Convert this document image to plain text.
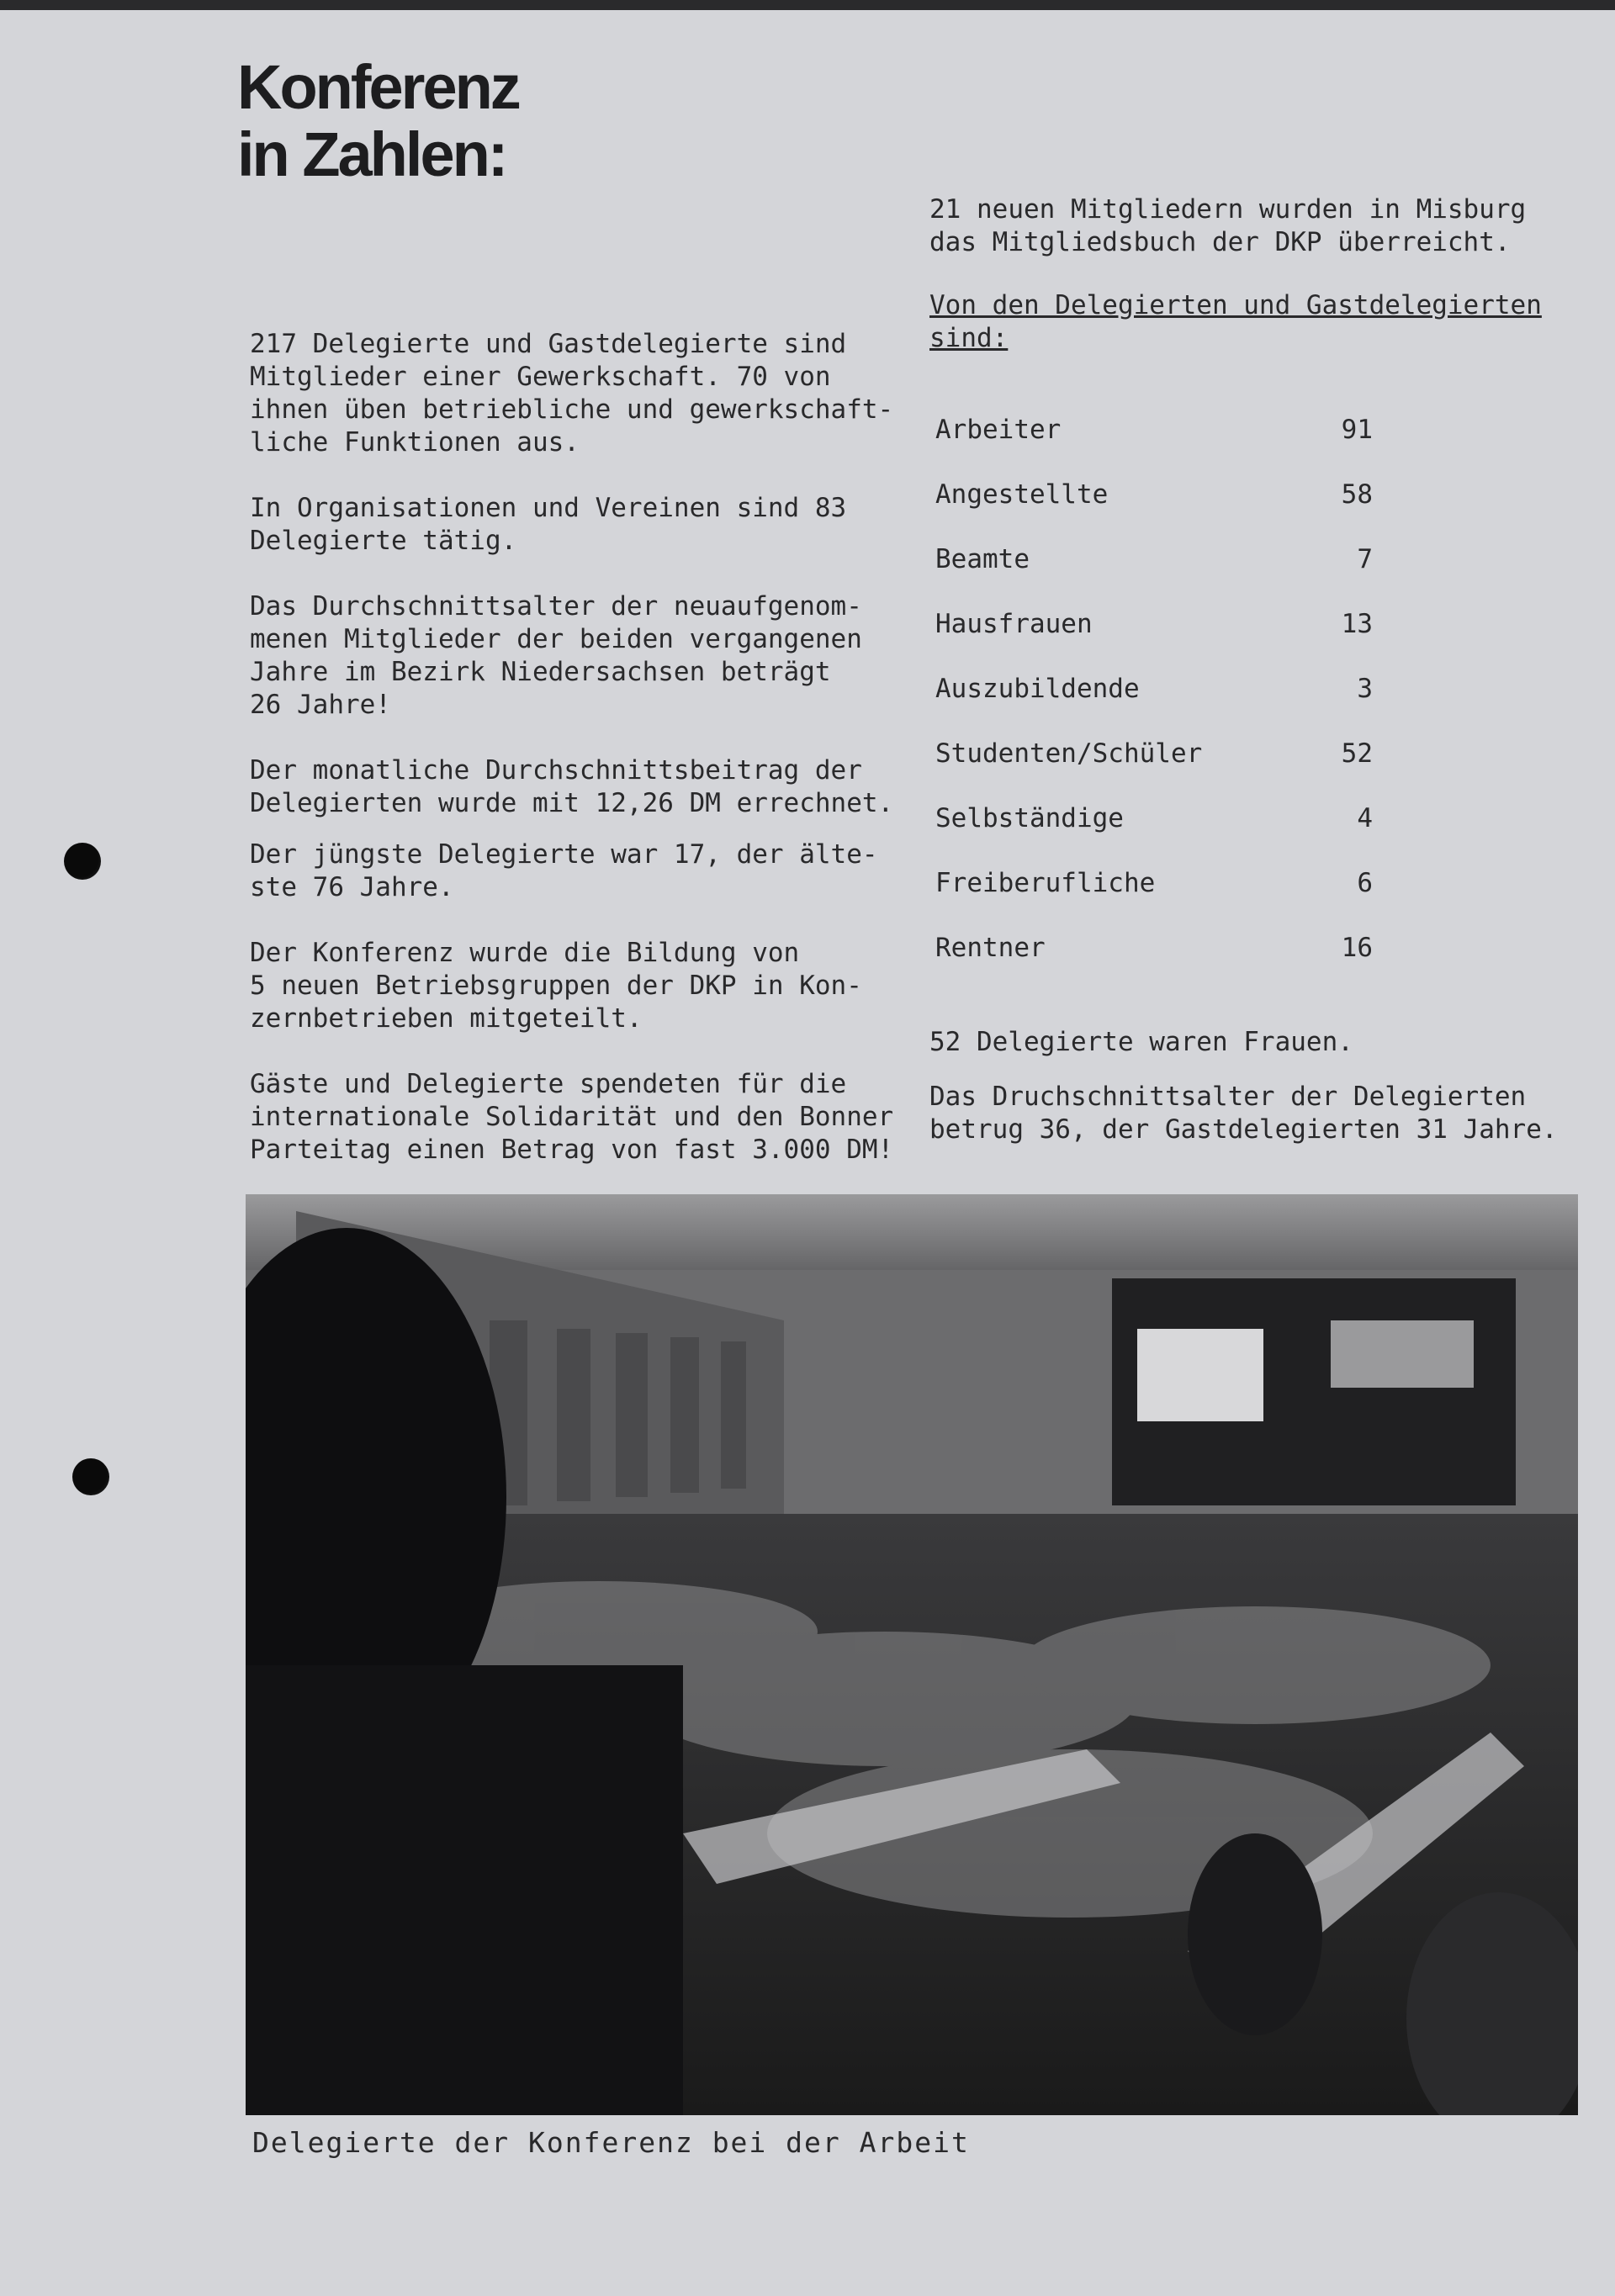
Konferenz
in Zahlen:

217 Delegierte und Gastdelegierte sind
Mitglieder einer Gewerkschaft. 70 von
ihnen üben betriebliche und gewerkschaft-
liche Funktionen aus.

In Organisationen und Vereinen sind 83
Delegierte tätig.

Das Durchschnittsalter der neuaufgenom-
menen Mitglieder der beiden vergangenen
Jahre im Bezirk Niedersachsen beträgt
26 Jahre!

Der monatliche Durchschnittsbeitrag der
Delegierten wurde mit 12,26 DM errechnet.

Der jüngste Delegierte war 17, der älte-
ste 76 Jahre.

Der Konferenz wurde die Bildung von
5 neuen Betriebsgruppen der DKP in Kon-
zernbetrieben mitgeteilt.

Gäste und Delegierte spendeten für die
internationale Solidarität und den Bonner
Parteitag einen Betrag von fast 3.000 DM!

21 neuen Mitgliedern wurden in Misburg
das Mitgliedsbuch der DKP überreicht.

Von den Delegierten und Gastdelegierten
sind:

Arbeiter	91
Angestellte	58
Beamte	7
Hausfrauen	13
Auszubildende	3
Studenten/Schüler	52
Selbständige	4
Freiberufliche	6
Rentner	16

52 Delegierte waren Frauen.

Das Druchschnittsalter der Delegierten
betrug 36, der Gastdelegierten 31 Jahre.

Delegierte der Konferenz bei der Arbeit
